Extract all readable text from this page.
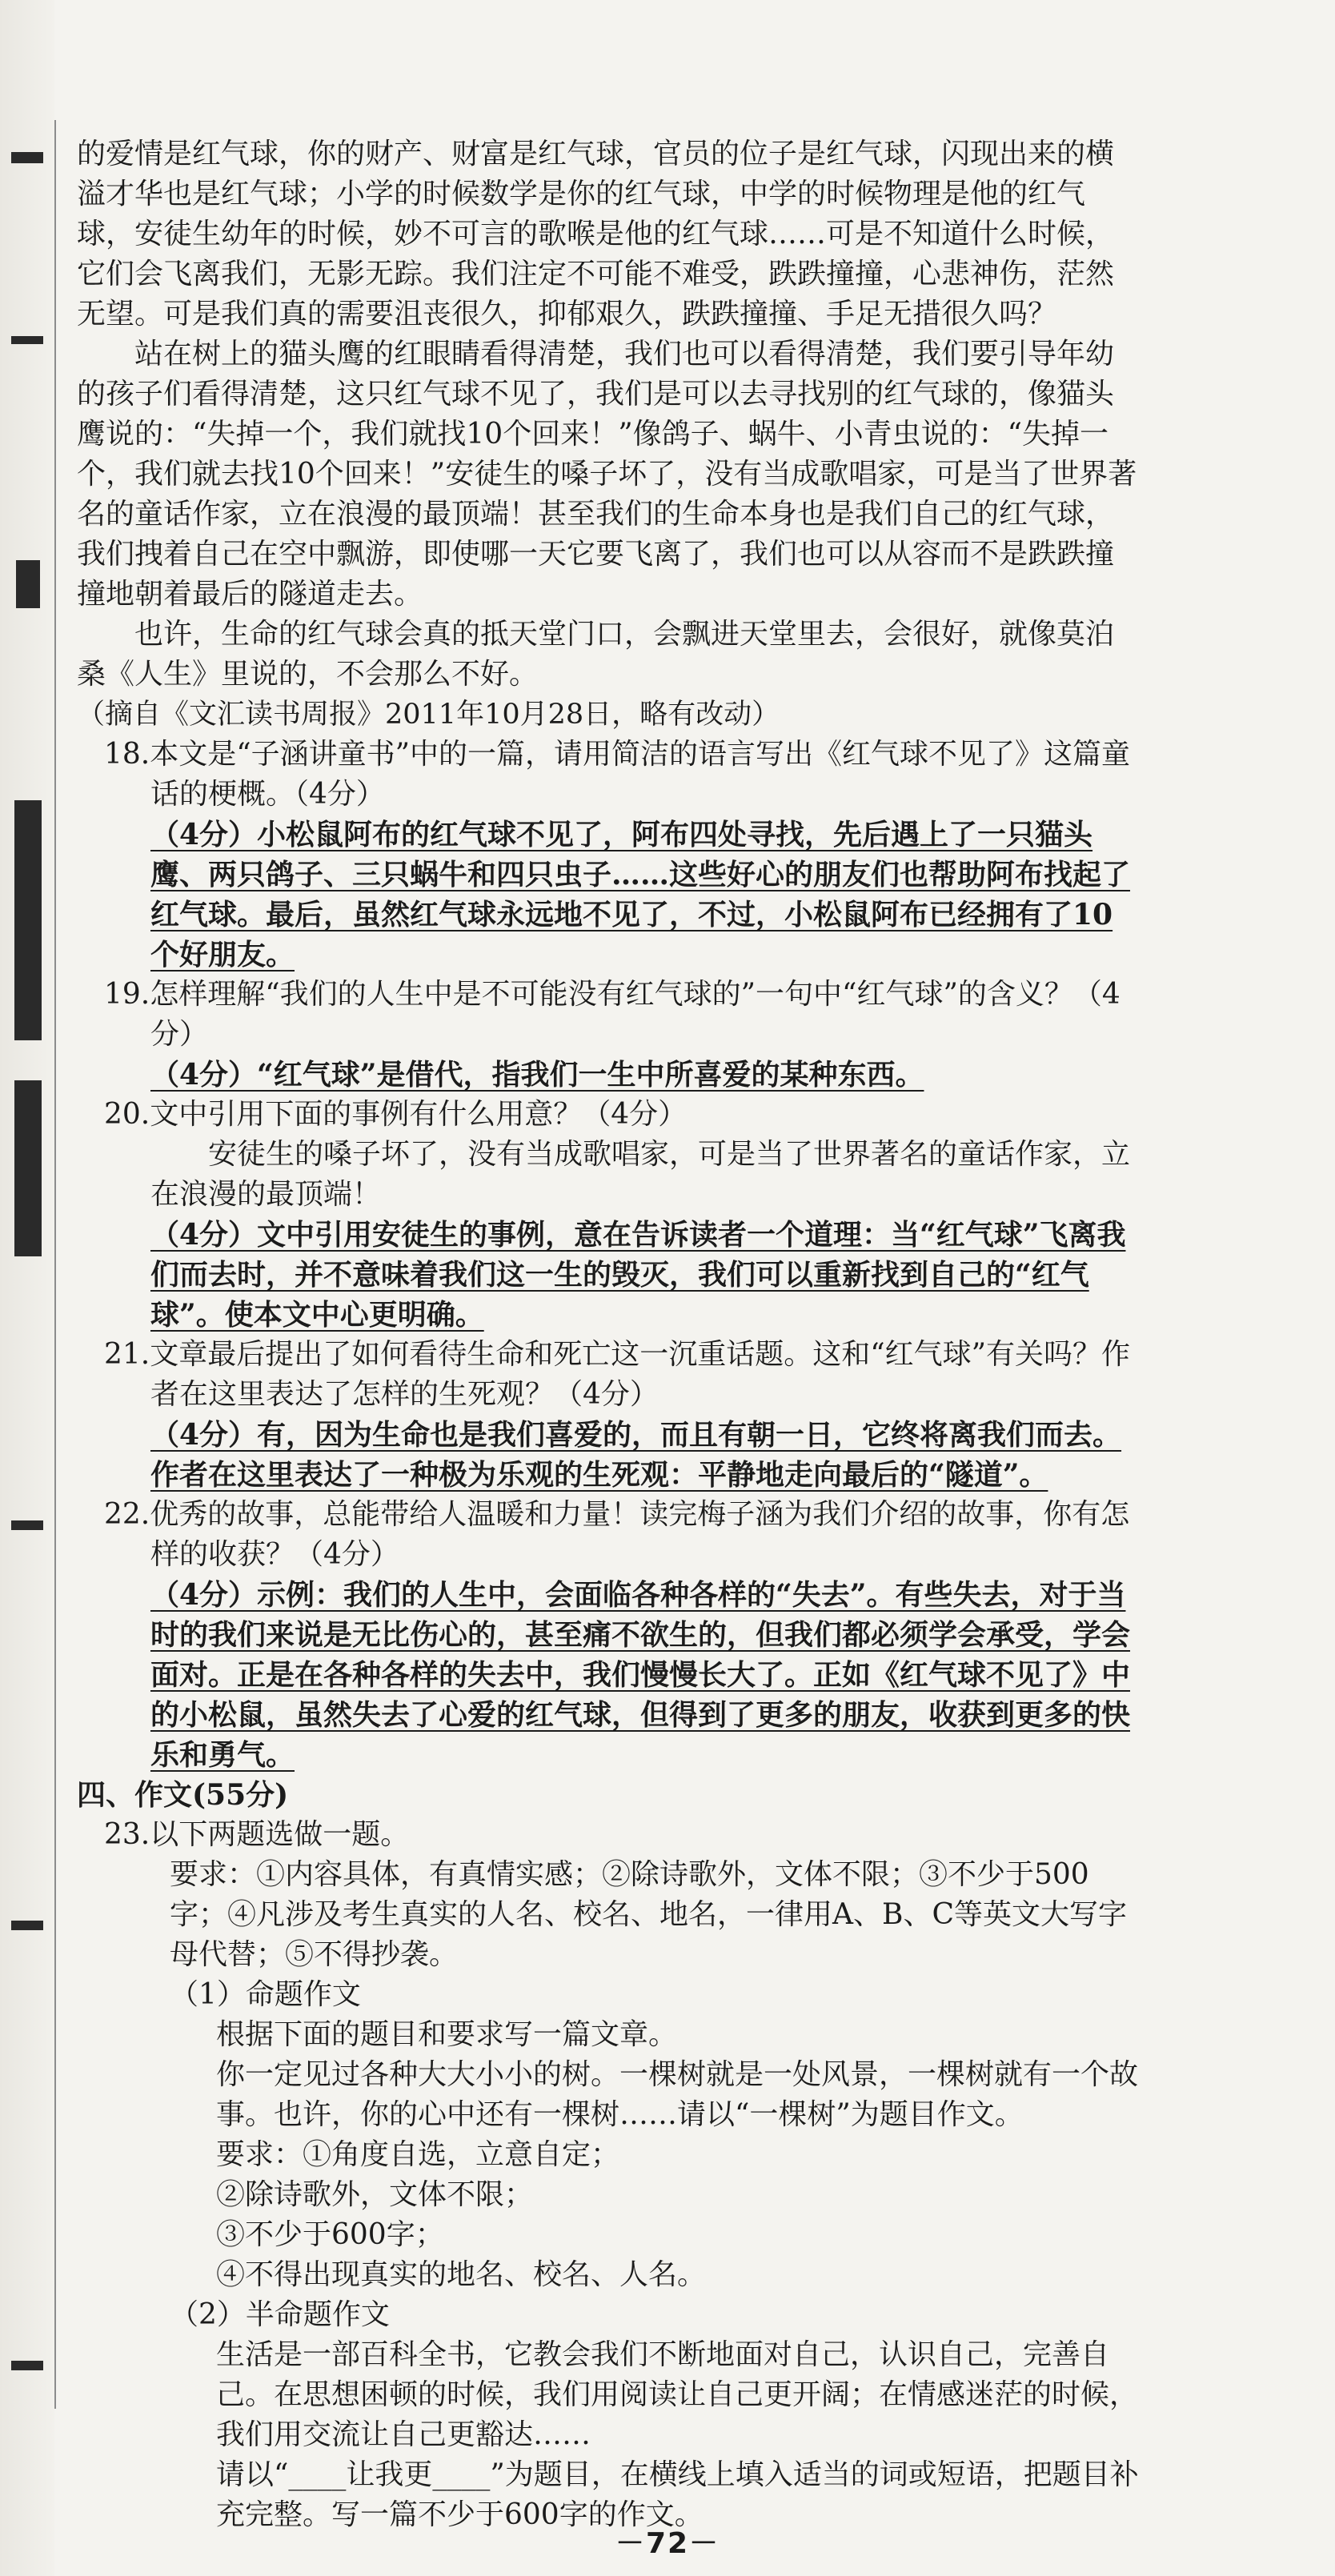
的爱情是红气球，你的财产、财富是红气球，官员的位子是红气球，闪现出来的横溢才华也是红气球；小学的时候数学是你的红气球，中学的时候物理是他的红气球，安徒生幼年的时候，妙不可言的歌喉是他的红气球……可是不知道什么时候，它们会飞离我们，无影无踪。我们注定不可能不难受，跌跌撞撞，心悲神伤，茫然无望。可是我们真的需要沮丧很久，抑郁艰久，跌跌撞撞、手足无措很久吗？

站在树上的猫头鹰的红眼睛看得清楚，我们也可以看得清楚，我们要引导年幼的孩子们看得清楚，这只红气球不见了，我们是可以去寻找别的红气球的，像猫头鹰说的：“失掉一个，我们就找10个回来！”像鸽子、蜗牛、小青虫说的：“失掉一个，我们就去找10个回来！”安徒生的嗓子坏了，没有当成歌唱家，可是当了世界著名的童话作家，立在浪漫的最顶端！甚至我们的生命本身也是我们自己的红气球，我们拽着自己在空中飘游，即使哪一天它要飞离了，我们也可以从容而不是跌跌撞撞地朝着最后的隧道走去。

也许，生命的红气球会真的抵天堂门口，会飘进天堂里去，会很好，就像莫泊桑《人生》里说的，不会那么不好。

（摘自《文汇读书周报》2011年10月28日，略有改动）

18.本文是“子涵讲童书”中的一篇，请用简洁的语言写出《红气球不见了》这篇童话的梗概。（4分）

（4分）小松鼠阿布的红气球不见了，阿布四处寻找，先后遇上了一只猫头鹰、两只鸽子、三只蜗牛和四只虫子……这些好心的朋友们也帮助阿布找起了红气球。最后，虽然红气球永远地不见了，不过，小松鼠阿布已经拥有了10个好朋友。

19.怎样理解“我们的人生中是不可能没有红气球的”一句中“红气球”的含义？（4分）

（4分）“红气球”是借代，指我们一生中所喜爱的某种东西。

20.文中引用下面的事例有什么用意？（4分）

安徒生的嗓子坏了，没有当成歌唱家，可是当了世界著名的童话作家，立在浪漫的最顶端！

（4分）文中引用安徒生的事例，意在告诉读者一个道理：当“红气球”飞离我们而去时，并不意味着我们这一生的毁灭，我们可以重新找到自己的“红气球”。使本文中心更明确。

21.文章最后提出了如何看待生命和死亡这一沉重话题。这和“红气球”有关吗？作者在这里表达了怎样的生死观？（4分）

（4分）有，因为生命也是我们喜爱的，而且有朝一日，它终将离我们而去。作者在这里表达了一种极为乐观的生死观：平静地走向最后的“隧道”。

22.优秀的故事，总能带给人温暖和力量！读完梅子涵为我们介绍的故事，你有怎样的收获？（4分）

（4分）示例：我们的人生中，会面临各种各样的“失去”。有些失去，对于当时的我们来说是无比伤心的，甚至痛不欲生的，但我们都必须学会承受，学会面对。正是在各种各样的失去中，我们慢慢长大了。正如《红气球不见了》中的小松鼠，虽然失去了心爱的红气球，但得到了更多的朋友，收获到更多的快乐和勇气。

四、作文(55分)

23.以下两题选做一题。

要求：①内容具体，有真情实感；②除诗歌外，文体不限；③不少于500字；④凡涉及考生真实的人名、校名、地名，一律用A、B、C等英文大写字母代替；⑤不得抄袭。

（1）命题作文

根据下面的题目和要求写一篇文章。

你一定见过各种大大小小的树。一棵树就是一处风景，一棵树就有一个故事。也许，你的心中还有一棵树……请以“一棵树”为题目作文。

要求：①角度自选，立意自定；

②除诗歌外，文体不限；

③不少于600字；

④不得出现真实的地名、校名、人名。

（2）半命题作文

生活是一部百科全书，它教会我们不断地面对自己，认识自己，完善自己。在思想困顿的时候，我们用阅读让自己更开阔；在情感迷茫的时候，我们用交流让自己更豁达……

请以“____让我更____”为题目，在横线上填入适当的词或短语，把题目补充完整。写一篇不少于600字的作文。

－72－
